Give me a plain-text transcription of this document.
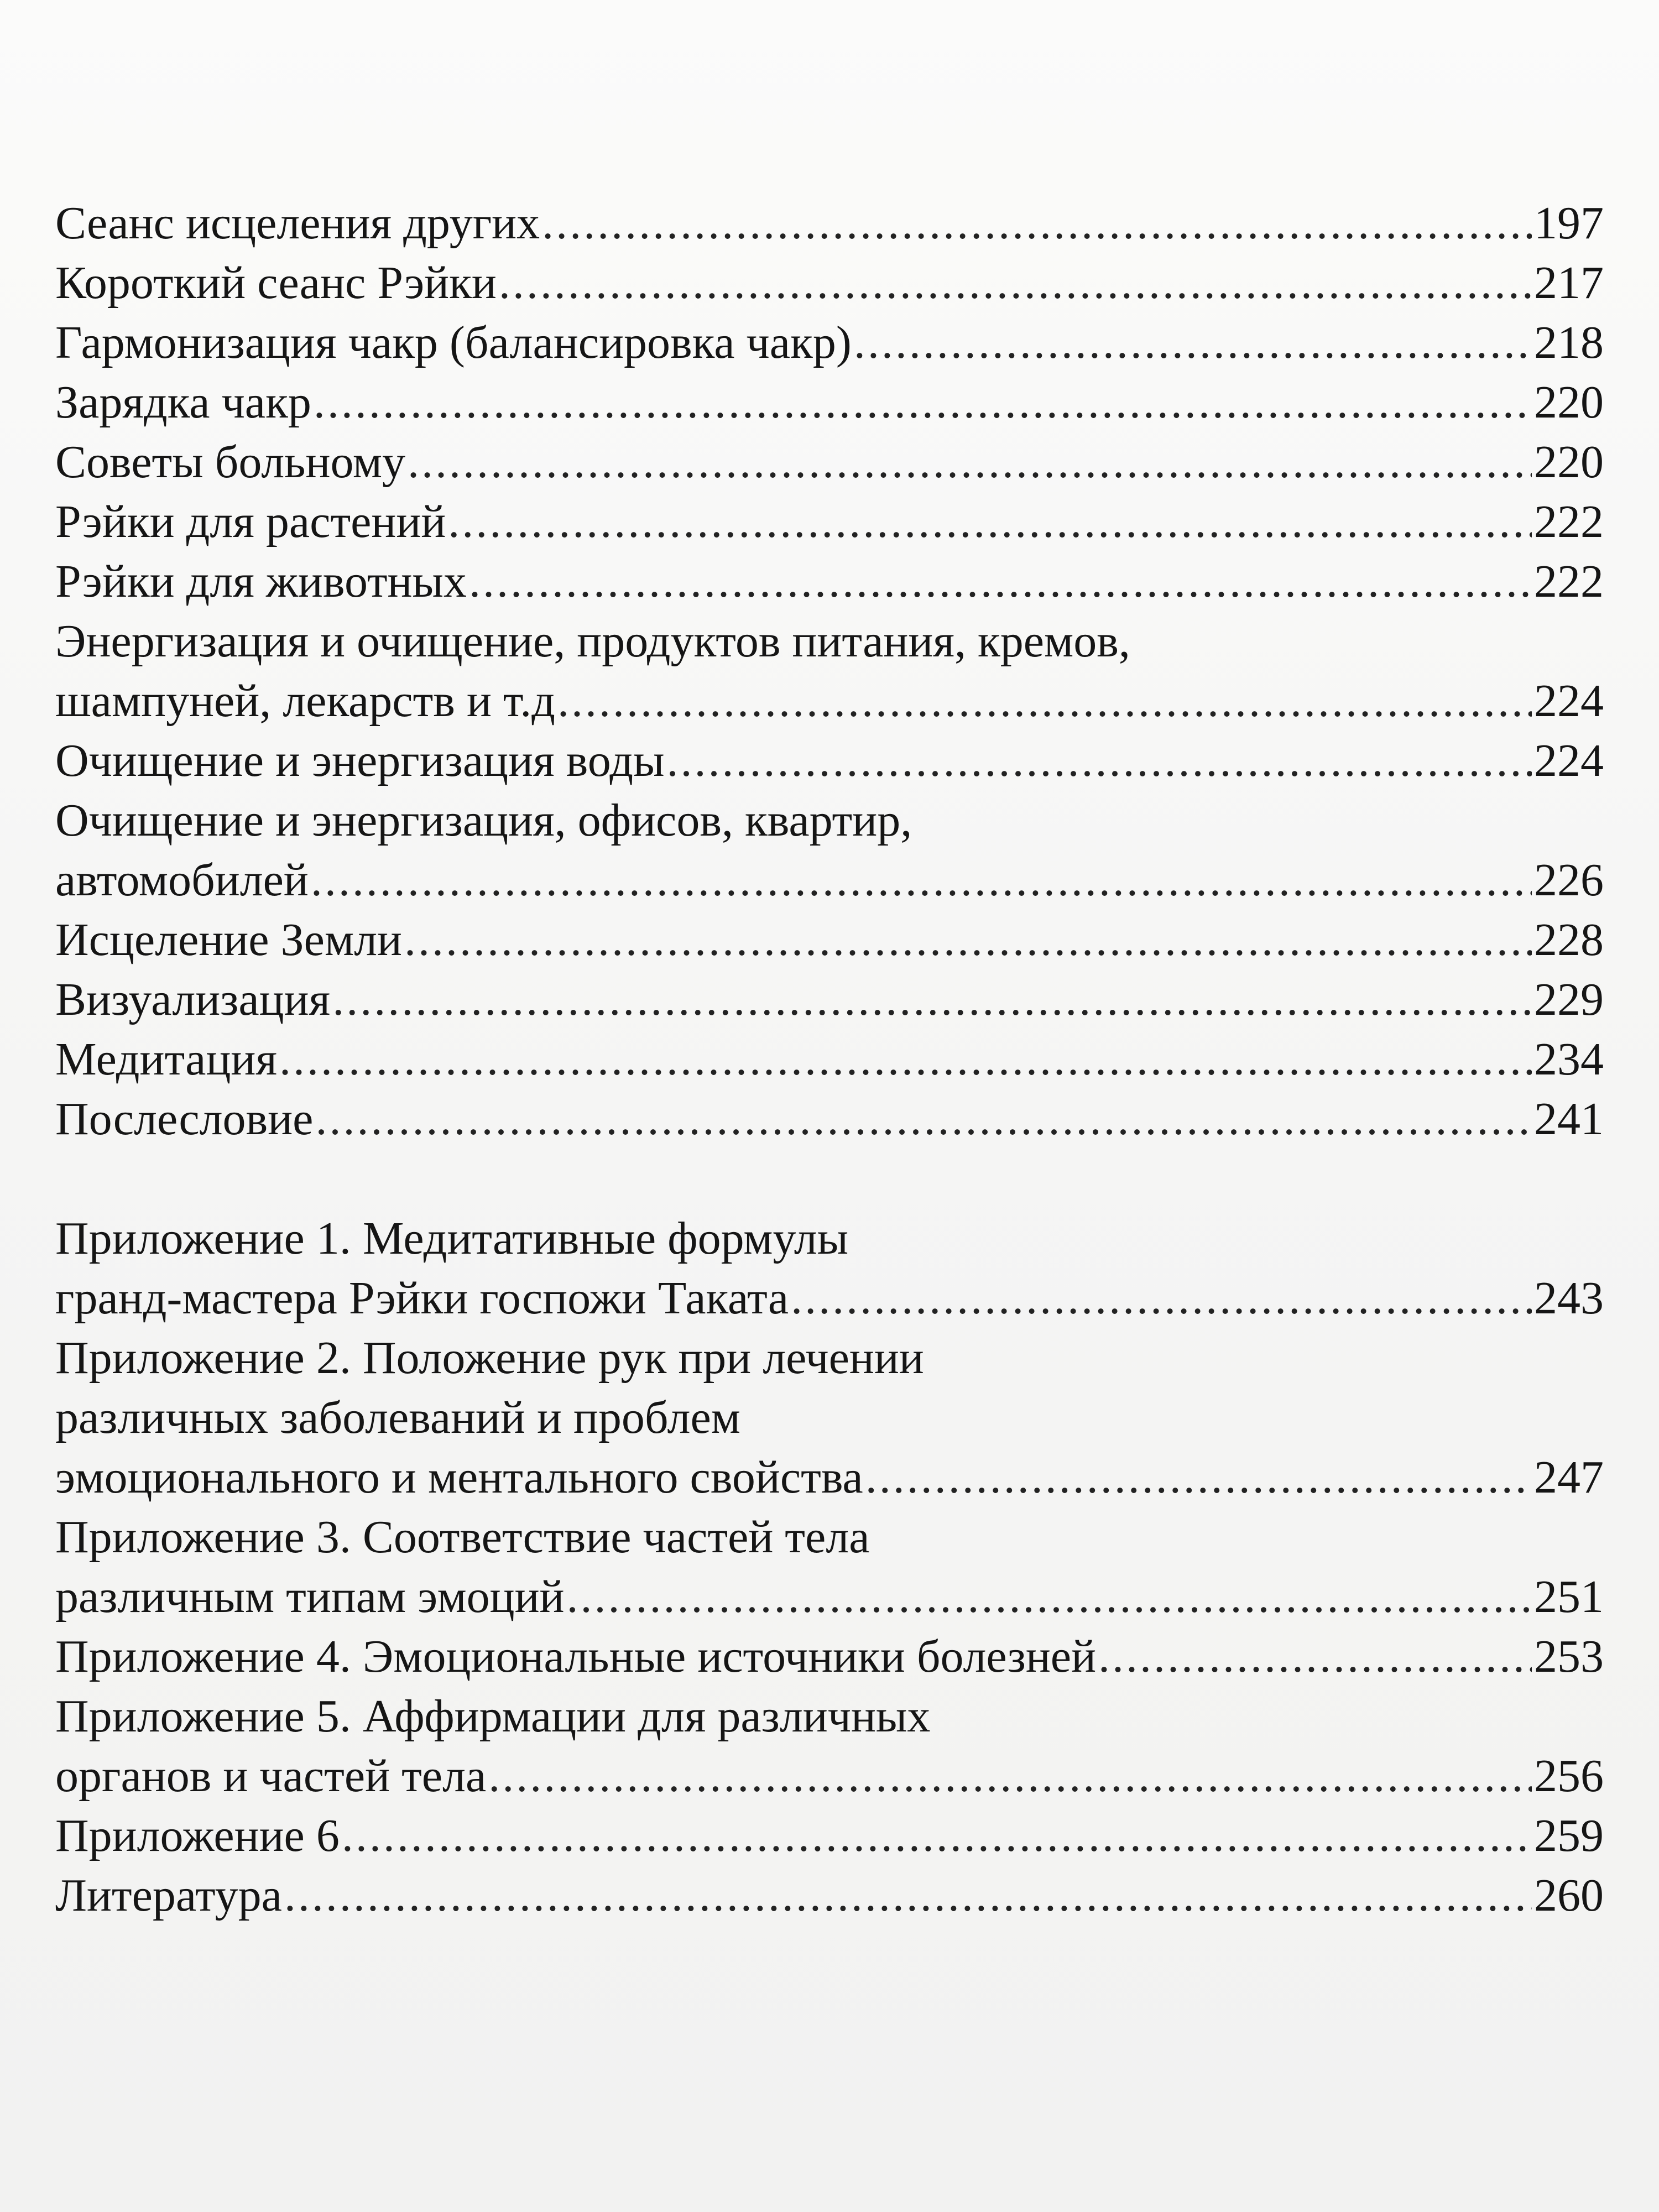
Сеанс исцеления других .....	197
Короткий сеанс Рэйки .....	217
Гармонизация чакр (балансировка чакр) .....	218
Зарядка чакр .....	220
Советы больному .....	220
Рэйки для растений .....	222
Рэйки для животных .....	222
Энергизация и очищение, продуктов питания, кремов,
шампуней, лекарств и т.д .....	224
Очищение и энергизация воды .....	224
Очищение и энергизация, офисов, квартир,
автомобилей .....	226
Исцеление Земли .....	228
Визуализация .....	229
Медитация .....	234
Послесловие .....	241
Приложение 1. Медитативные формулы
гранд-мастера Рэйки госпожи Таката .....	243
Приложение 2. Положение рук при лечении
различных заболеваний и проблем
эмоционального и ментального свойства .....	247
Приложение 3. Соответствие частей тела
различным типам эмоций .....	251
Приложение 4. Эмоциональные источники болезней .....	253
Приложение 5. Аффирмации для различных
органов и частей тела .....	256
Приложение 6 .....	259
Литература .....	260
